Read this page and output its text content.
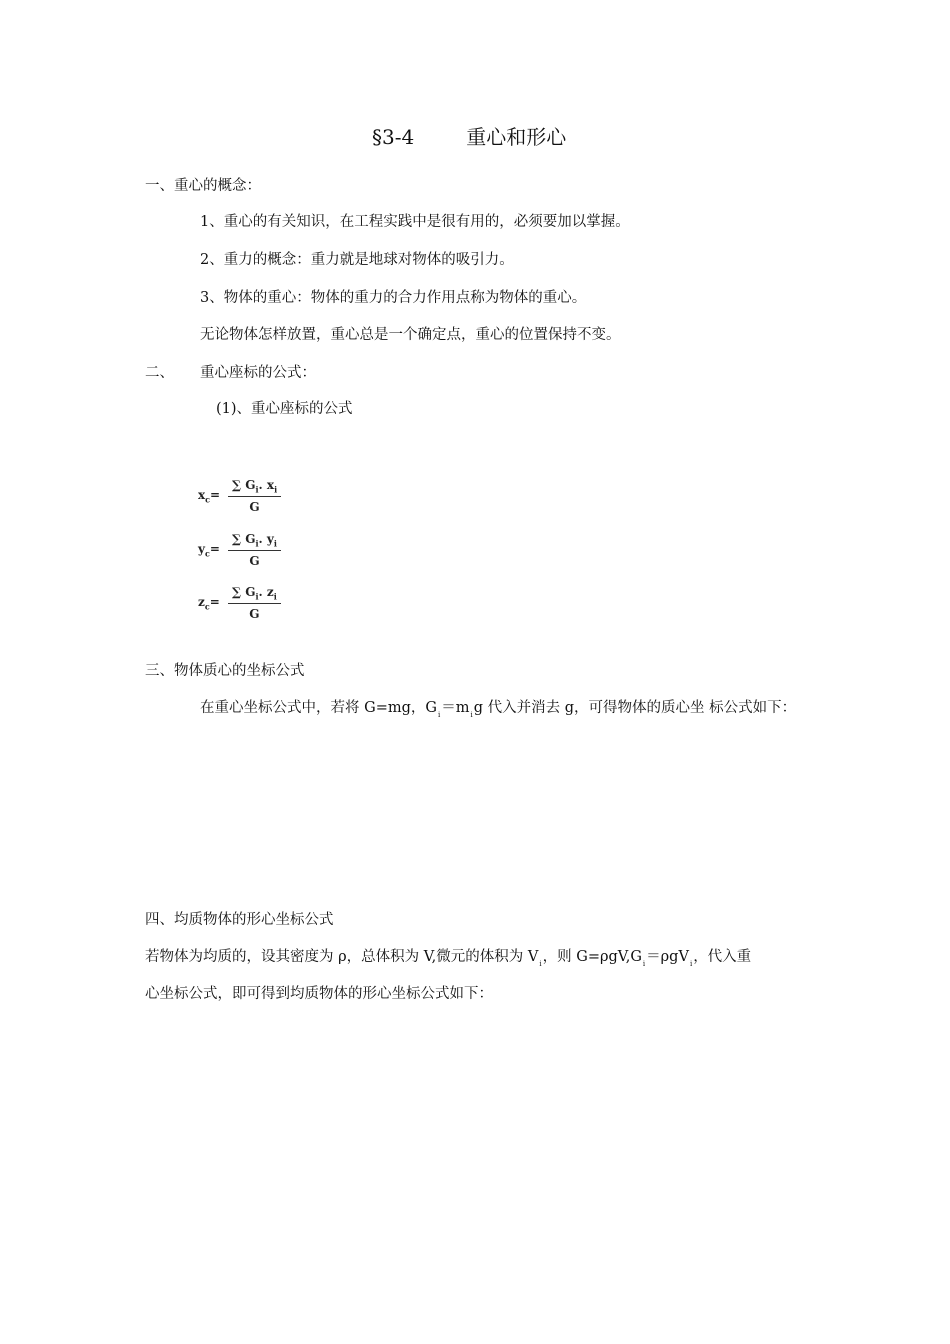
§3-4	重心和形心
一、重心的概念：
1、重心的有关知识，在工程实践中是很有用的，必须要加以掌握。
2、重力的概念：重力就是地球对物体的吸引力。
3、物体的重心：物体的重力的合力作用点称为物体的重心。
无论物体怎样放置，重心总是一个确定点，重心的位置保持不变。
二、 重心座标的公式：
(1)、重心座标的公式
$x_c= \frac{\sum G_i. x_i}{G}$
$y_c= \frac{\sum G_i. y_i}{G}$
$z_c= \frac{\sum G_i. z_i}{G}$
三、物体质心的坐标公式
在重心坐标公式中，若将 G=mg，$G_i=m_ig$ 代入并消去 g，可得物体的质心坐 标公式如下：
四、均质物体的形心坐标公式
若物体为均质的，设其密度为 ρ，总体积为 V,微元的体积为 $V_i$，则 $G=\rho gV,G_i=\rho gV_i$，代入重
心坐标公式，即可得到均质物体的形心坐标公式如下：
